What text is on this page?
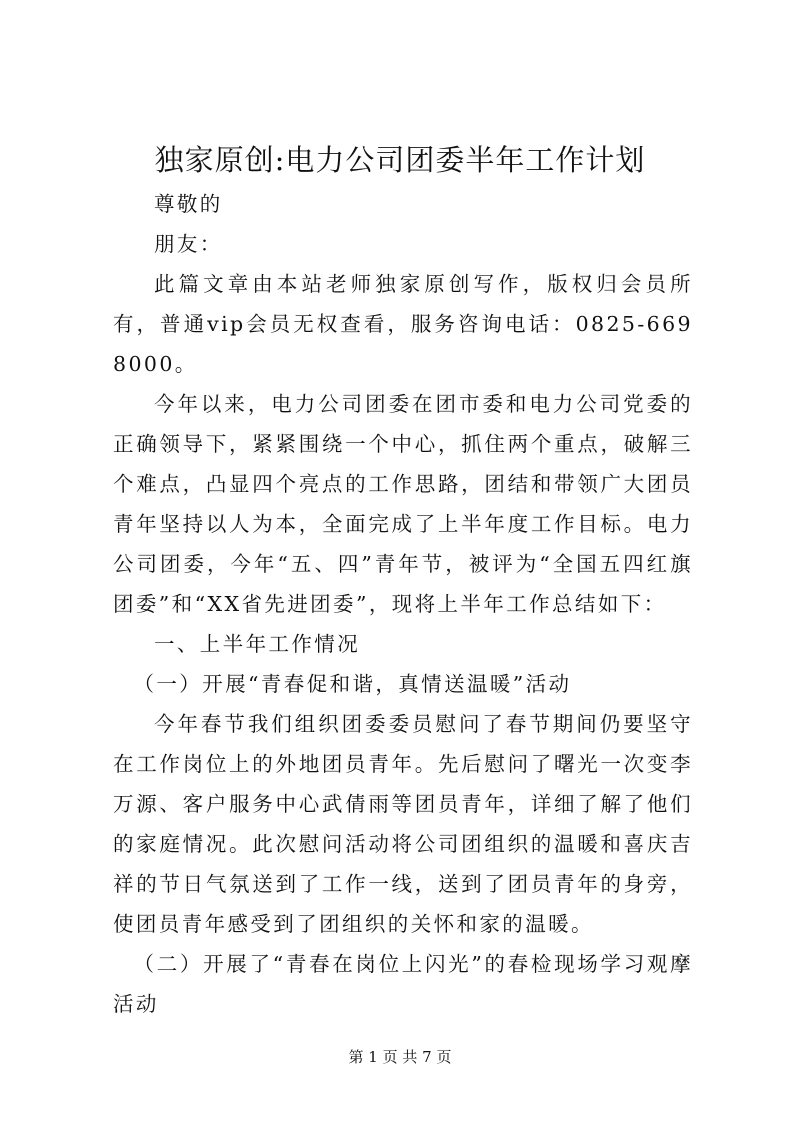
独家原创:电力公司团委半年工作计划

尊敬的

朋友：

此篇文章由本站老师独家原创写作，版权归会员所有，普通vip会员无权查看，服务咨询电话：0825-6698000。

今年以来，电力公司团委在团市委和电力公司党委的正确领导下，紧紧围绕一个中心，抓住两个重点，破解三个难点，凸显四个亮点的工作思路，团结和带领广大团员青年坚持以人为本，全面完成了上半年度工作目标。电力公司团委，今年“五、四”青年节，被评为“全国五四红旗团委”和“XX省先进团委”，现将上半年工作总结如下：

一、上半年工作情况

（一）开展“青春促和谐，真情送温暖”活动

今年春节我们组织团委委员慰问了春节期间仍要坚守在工作岗位上的外地团员青年。先后慰问了曙光一次变李万源、客户服务中心武倩雨等团员青年，详细了解了他们的家庭情况。此次慰问活动将公司团组织的温暖和喜庆吉祥的节日气氛送到了工作一线，送到了团员青年的身旁，使团员青年感受到了团组织的关怀和家的温暖。

（二）开展了“青春在岗位上闪光”的春检现场学习观摩活动

第 1 页 共 7 页
